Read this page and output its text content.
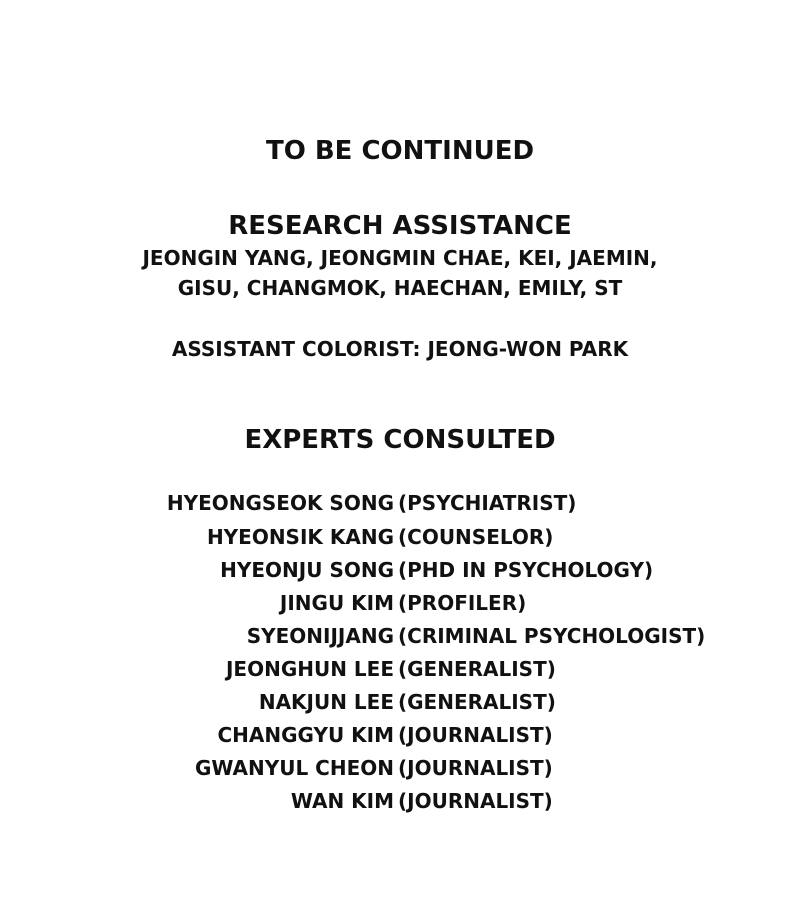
TO BE CONTINUED
RESEARCH ASSISTANCE
JEONGIN YANG, JEONGMIN CHAE, KEI, JAEMIN,
GISU, CHANGMOK, HAECHAN, EMILY, ST
ASSISTANT COLORIST: JEONG-WON PARK
EXPERTS CONSULTED
HYEONGSEOK SONG (PSYCHIATRIST)
HYEONSIK KANG (COUNSELOR)
HYEONJU SONG (PHD IN PSYCHOLOGY)
JINGU KIM (PROFILER)
SYEONIJJANG (CRIMINAL PSYCHOLOGIST)
JEONGHUN LEE (GENERALIST)
NAKJUN LEE (GENERALIST)
CHANGGYU KIM (JOURNALIST)
GWANYUL CHEON (JOURNALIST)
WAN KIM (JOURNALIST)
